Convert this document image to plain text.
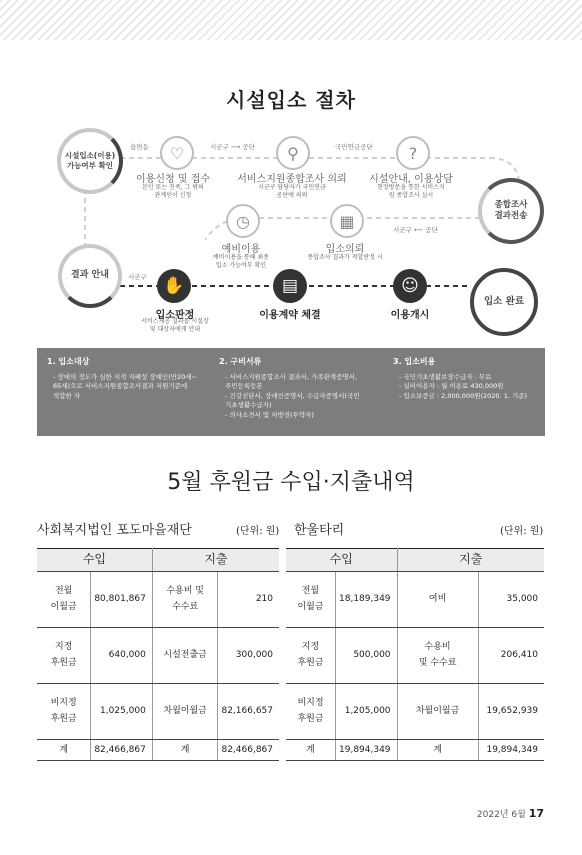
시설입소 절차
시설입소(이용)
가능여부 확인
종합조사
결과전송
결과 안내
입소 완료
읍면동	시군구 ⟶ 공단	국민연금공단
시군구 ⟵ 공단
시군구
♡	⚲	?
◷	▦
이용신청 및 접수
본인 또는 친족, 그 밖의
관계인이 신청
서비스지원종합조사 의뢰
시군구 담당자가 국민연금
공단에 의뢰
시설안내, 이용상담
현장방문을 통한 서비스지
원 종합조사 실시
예비이용
예비이용을 통해 최종
입소 가능여부 확인
입소의뢰
종합조사 결과가 적합판정 시
✋	▤	☺
입소판정
서비스제공 결과를 시설장
및 대상자에게 안내
이용계약 체결	이용개시
1. 입소대상
- 장애의 정도가 심한 지적 자폐성 장애인(만20세~
65세)으로 서비스지원종합조사결과 지원기준에
적합한 자
2. 구비서류
- 서비스지원종합조사 결과서, 가족관계증명서,
주민등록등본
- 건강진단서, 장애인증명서, 수급자증명서(국민
기초생활수급자)
- 의사소견서 및 처방전(투약자)
3. 입소비용
- 국민기초생활보장수급자 : 무료
- 실비이용자 : 월 이용료 430,000원
- 입소보증금 : 2,000,000원(2020. 1. 기준)
5월 후원금 수입·지출내역
사회복지법인 포도마을재단	(단위: 원) 한울타리	(단위: 원)
수입		지출	
전월
이월금	80,801,867	수용비 및
수수료	210
지정
후원금	640,000	시설전출금	300,000
비지정
후원금	1,025,000	차월이월금	82,166,657
계	82,466,867	계	82,466,867
수입		지출	
전월
이월금	18,189,349	여비	35,000
지정
후원금	500,000	수용비
및 수수료	206,410
비지정
후원금	1,205,000	차월이월금	19,652,939
계	19,894,349	계	19,894,349
2022년 6월 17
